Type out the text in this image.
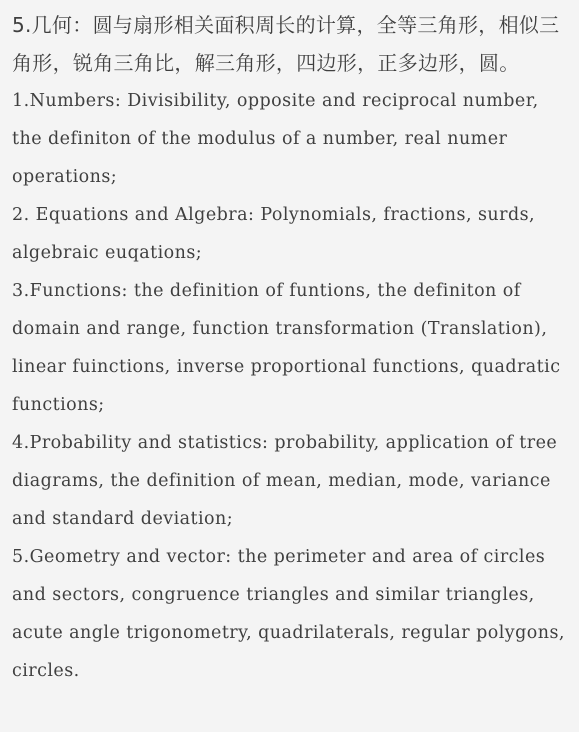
5.几何：圆与扇形相关面积周长的计算，全等三角形，相似三角形，锐角三角比，解三角形，四边形，正多边形，圆。

1.Numbers: Divisibility, opposite and reciprocal number, the definiton of the modulus of a number, real numer operations;

2. Equations and Algebra: Polynomials, fractions, surds, algebraic euqations;

3.Functions: the definition of funtions, the definiton of domain and range, function transformation (Translation), linear fuinctions, inverse proportional functions, quadratic functions;

4.Probability and statistics: probability, application of tree diagrams, the definition of mean, median, mode, variance and standard deviation;

5.Geometry and vector: the perimeter and area of circles and sectors, congruence triangles and similar triangles, acute angle trigonometry, quadrilaterals, regular polygons, circles.
